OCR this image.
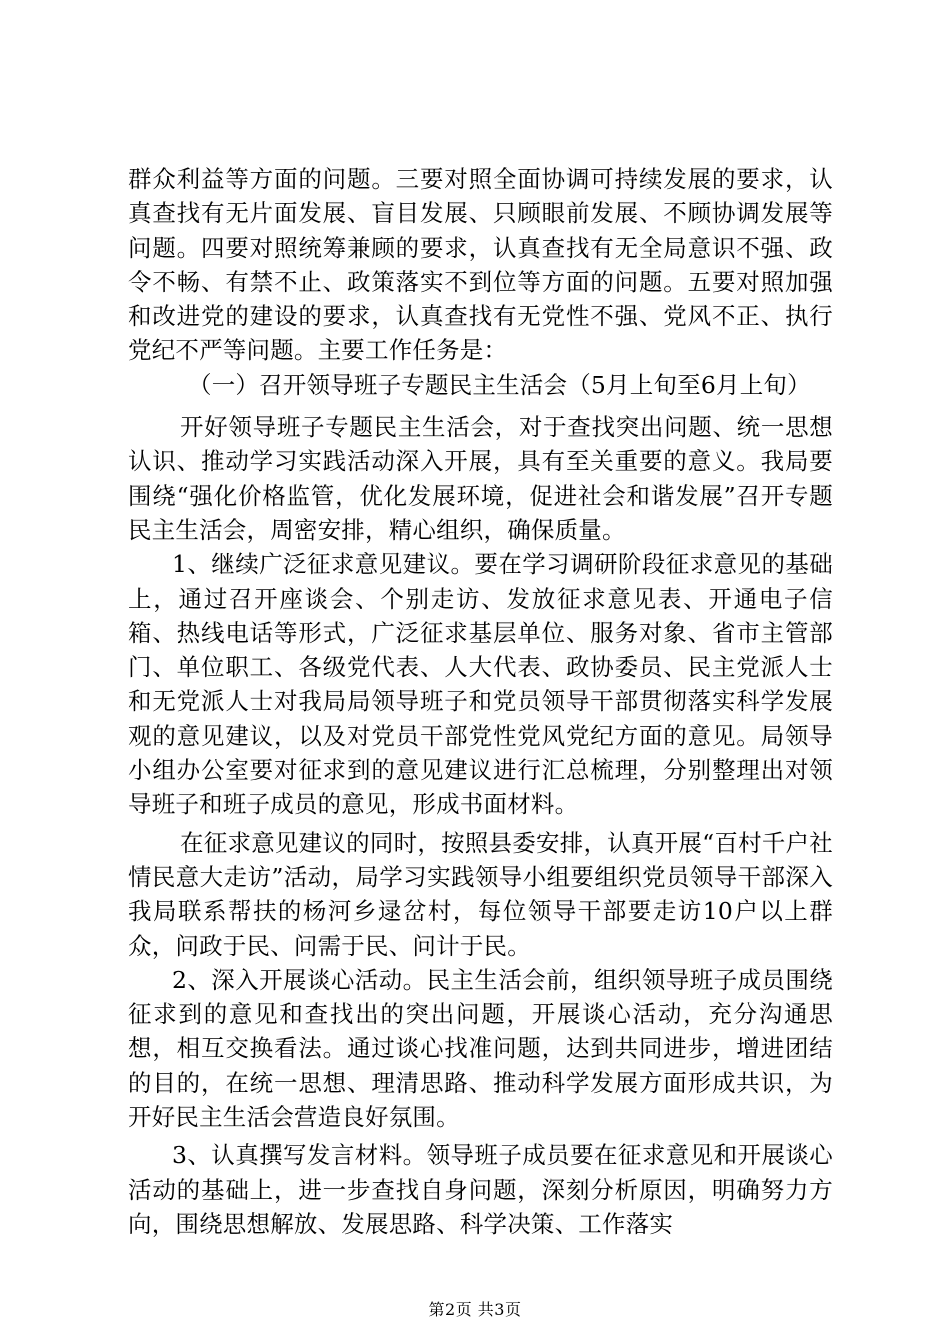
群众利益等方面的问题。三要对照全面协调可持续发展的要求，认真查找有无片面发展、盲目发展、只顾眼前发展、不顾协调发展等问题。四要对照统筹兼顾的要求，认真查找有无全局意识不强、政令不畅、有禁不止、政策落实不到位等方面的问题。五要对照加强和改进党的建设的要求，认真查找有无党性不强、党风不正、执行党纪不严等问题。主要工作任务是：

（一）召开领导班子专题民主生活会（5月上旬至6月上旬）

开好领导班子专题民主生活会，对于查找突出问题、统一思想认识、推动学习实践活动深入开展，具有至关重要的意义。我局要围绕“强化价格监管，优化发展环境，促进社会和谐发展”召开专题民主生活会，周密安排，精心组织，确保质量。

1、继续广泛征求意见建议。要在学习调研阶段征求意见的基础上，通过召开座谈会、个别走访、发放征求意见表、开通电子信箱、热线电话等形式，广泛征求基层单位、服务对象、省市主管部门、单位职工、各级党代表、人大代表、政协委员、民主党派人士和无党派人士对我局局领导班子和党员领导干部贯彻落实科学发展观的意见建议，以及对党员干部党性党风党纪方面的意见。局领导小组办公室要对征求到的意见建议进行汇总梳理，分别整理出对领导班子和班子成员的意见，形成书面材料。

在征求意见建议的同时，按照县委安排，认真开展“百村千户社情民意大走访”活动，局学习实践领导小组要组织党员领导干部深入我局联系帮扶的杨河乡逯岔村，每位领导干部要走访10户以上群众，问政于民、问需于民、问计于民。

2、深入开展谈心活动。民主生活会前，组织领导班子成员围绕征求到的意见和查找出的突出问题，开展谈心活动，充分沟通思想，相互交换看法。通过谈心找准问题，达到共同进步，增进团结的目的，在统一思想、理清思路、推动科学发展方面形成共识，为开好民主生活会营造良好氛围。

3、认真撰写发言材料。领导班子成员要在征求意见和开展谈心活动的基础上，进一步查找自身问题，深刻分析原因，明确努力方向，围绕思想解放、发展思路、科学决策、工作落实

第2页 共3页
